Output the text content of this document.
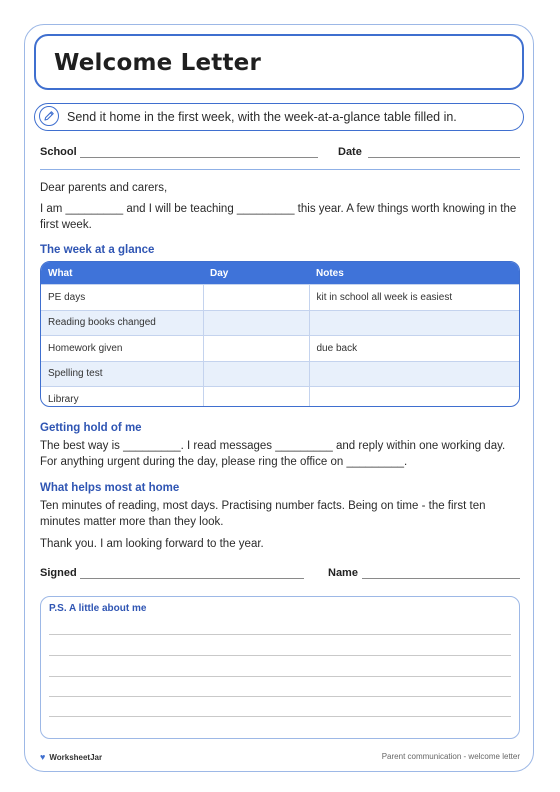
Welcome Letter
Send it home in the first week, with the week-at-a-glance table filled in.
School	Date
Dear parents and carers,
I am _________ and I will be teaching _________ this year. A few things worth knowing in the first week.
The week at a glance
What	Day	Notes
PE days		kit in school all week is easiest
Reading books changed		
Homework given		due back
Spelling test		
Library		
Getting hold of me
The best way is _________. I read messages _________ and reply within one working day. For anything urgent during the day, please ring the office on _________.
What helps most at home
Ten minutes of reading, most days. Practising number facts. Being on time - the first ten minutes matter more than they look.
Thank you. I am looking forward to the year.
Signed	Name
P.S. A little about me
♥ WorksheetJar	Parent communication - welcome letter
